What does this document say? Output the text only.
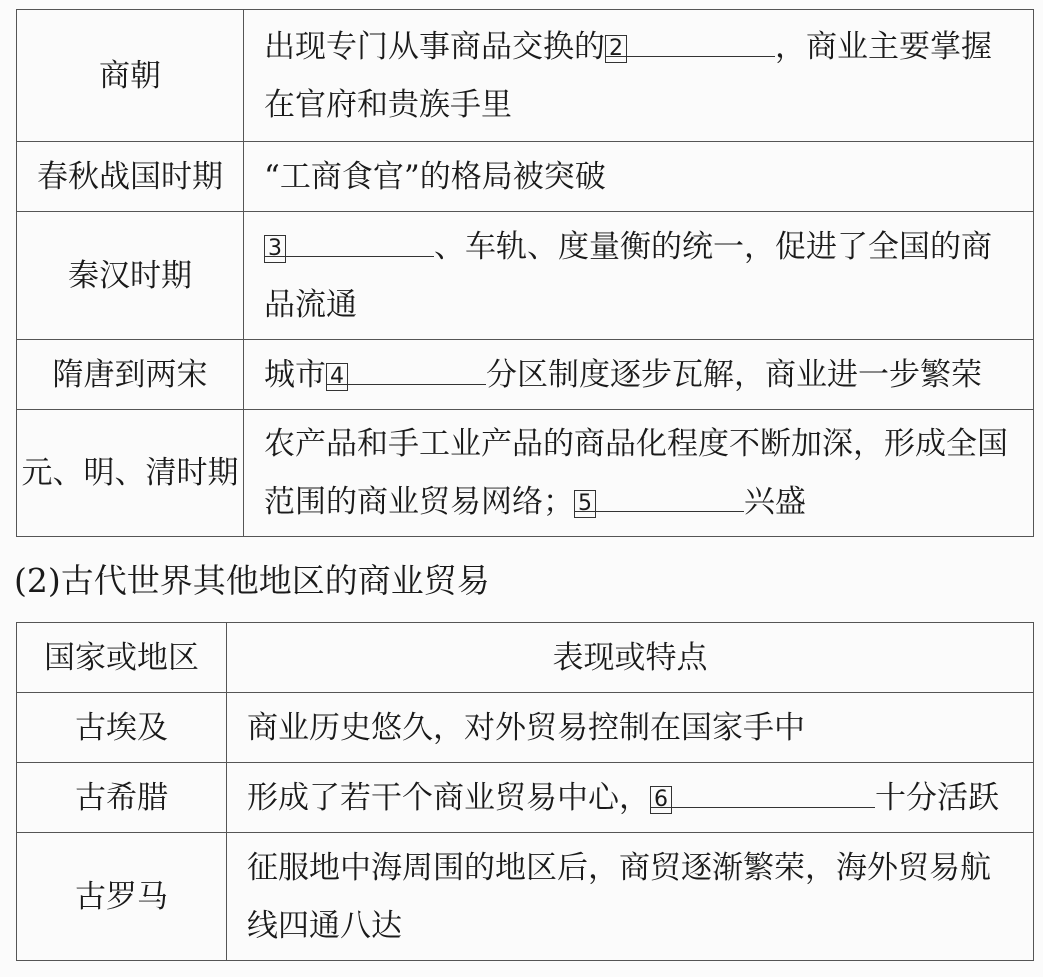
商朝	出现专门从事商品交换的 2 ，商业主要掌握在官府和贵族手里
春秋战国时期	“工商食官”的格局被突破
秦汉时期	3 、车轨、度量衡的统一，促进了全国的商品流通
隋唐到两宋	城市 4 分区制度逐步瓦解，商业进一步繁荣
元、明、清时期	农产品和手工业产品的商品化程度不断加深，形成全国范围的商业贸易网络； 5 兴盛
(2)古代世界其他地区的商业贸易
国家或地区	表现或特点
古埃及	商业历史悠久，对外贸易控制在国家手中
古希腊	形成了若干个商业贸易中心， 6 十分活跃
古罗马	征服地中海周围的地区后，商贸逐渐繁荣，海外贸易航线四通八达
